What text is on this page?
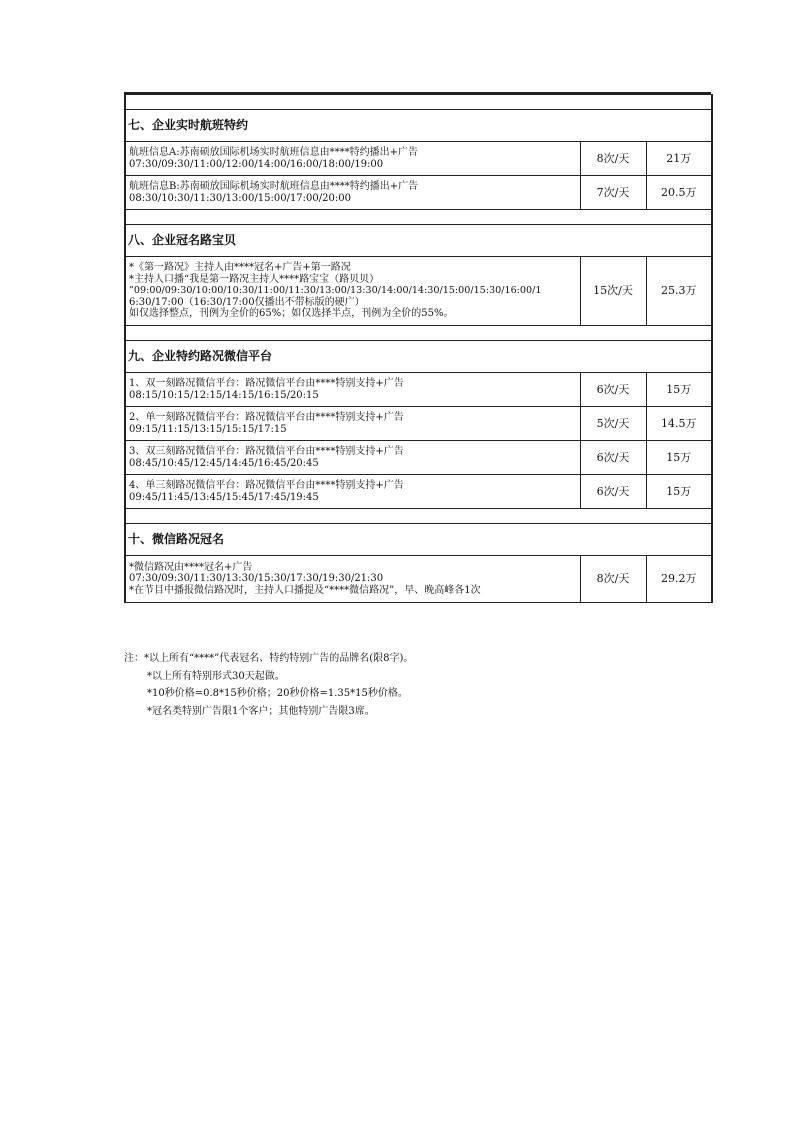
七、企业实时航班特约		

航班信息A:苏南硕放国际机场实时航班信息由****特约播出+广告
07:30/09:30/11:00/12:00/14:00/16:00/18:00/19:00	8次/天	21万

航班信息B:苏南硕放国际机场实时航班信息由****特约播出+广告
08:30/10:30/11:30/13:00/15:00/17:00/20:00	7次/天	20.5万

八、企业冠名路宝贝		

*《第一路况》主持人由****冠名+广告+第一路况
*主持人口播“我是第一路况主持人****路宝宝（路贝贝）
”09:00/09:30/10:00/10:30/11:00/11:30/13:00/13:30/14:00/14:30/15:00/15:30/16:00/1
6:30/17:00（16:30/17:00仅播出不带标版的硬广）
如仅选择整点，刊例为全价的65%；如仅选择半点，刊例为全价的55%。	15次/天	25.3万

九、企业特约路况微信平台		

1、双一刻路况微信平台：路况微信平台由****特别支持+广告
08:15/10:15/12:15/14:15/16:15/20:15	6次/天	15万

2、单一刻路况微信平台：路况微信平台由****特别支持+广告
09:15/11:15/13:15/15:15/17:15	5次/天	14.5万

3、双三刻路况微信平台：路况微信平台由****特别支持+广告
08:45/10:45/12:45/14:45/16:45/20:45	6次/天	15万

4、单三刻路况微信平台：路况微信平台由****特别支持+广告
09:45/11:45/13:45/15:45/17:45/19:45	6次/天	15万

十、微信路况冠名		

*微信路况由****冠名+广告
07:30/09:30/11:30/13:30/15:30/17:30/19:30/21:30
*在节目中播报微信路况时，主持人口播提及“****微信路况”，早、晚高峰各1次	8次/天	29.2万
注：*以上所有“****”代表冠名、特约特别广告的品牌名(限8字)。
*以上所有特别形式30天起做。
*10秒价格=0.8*15秒价格；20秒价格=1.35*15秒价格。
*冠名类特别广告限1个客户；其他特别广告限3席。
